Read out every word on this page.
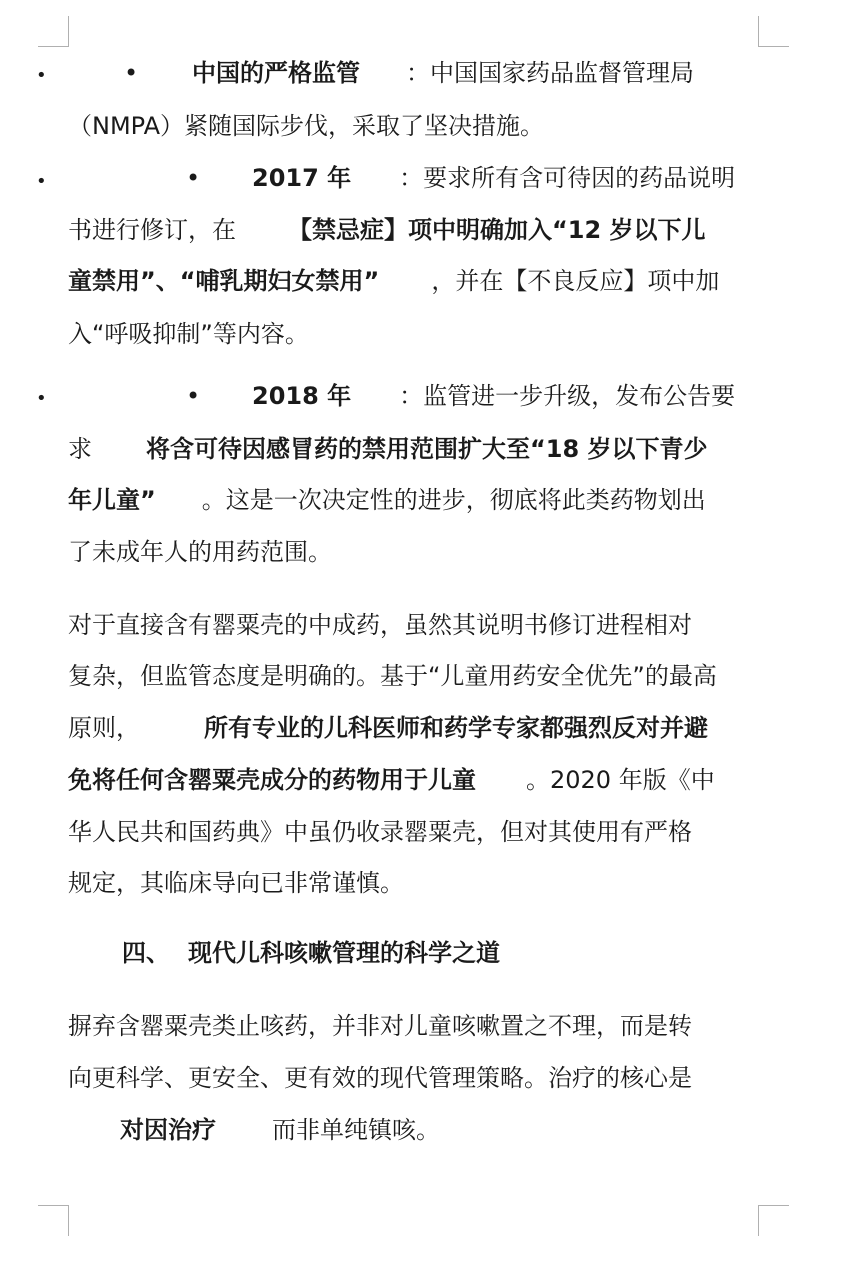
•	• 中国的严格监管 ：中国国家药品监督管理局
（NMPA）紧随国际步伐，采取了坚决措施。
•	• 2017 年 ：要求所有含可待因的药品说明
书进行修订，在 【禁忌症】项中明确加入“12 岁以下儿
童禁用”、“哺乳期妇女禁用” ，并在【不良反应】项中加
入“呼吸抑制”等内容。
•	• 2018 年 ：监管进一步升级，发布公告要
求 将含可待因感冒药的禁用范围扩大至“18 岁以下青少
年儿童” 。这是一次决定性的进步，彻底将此类药物划出
了未成年人的用药范围。
对于直接含有罂粟壳的中成药，虽然其说明书修订进程相对
复杂，但监管态度是明确的。基于“儿童用药安全优先”的最高
原则，	所有专业的儿科医师和药学专家都强烈反对并避
免将任何含罂粟壳成分的药物用于儿童 。2020 年版《中
华人民共和国药典》中虽仍收录罂粟壳，但对其使用有严格
规定，其临床导向已非常谨慎。
四、 现代儿科咳嗽管理的科学之道
摒弃含罂粟壳类止咳药，并非对儿童咳嗽置之不理，而是转
向更科学、更安全、更有效的现代管理策略。治疗的核心是
对因治疗 而非单纯镇咳。
